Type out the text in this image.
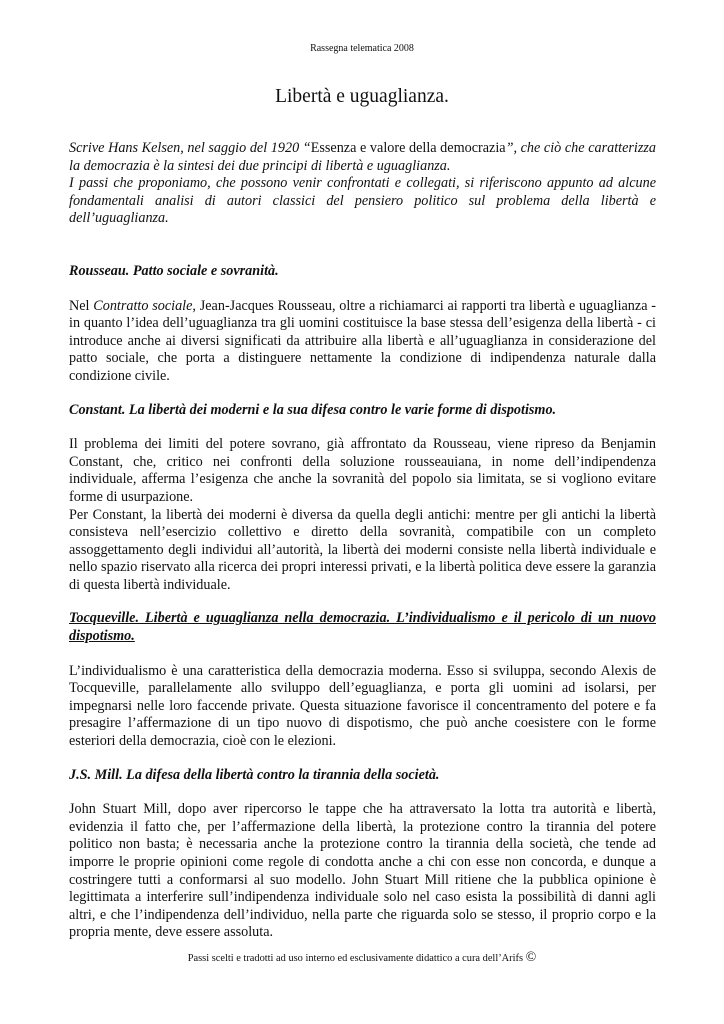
Rassegna telematica 2008
Libertà e uguaglianza.

Scrive Hans Kelsen, nel saggio del 1920 “Essenza e valore della democrazia”, che ciò che caratterizza la democrazia è la sintesi dei due principi di libertà e uguaglianza.

I passi che proponiamo, che possono venir confrontati e collegati, si riferiscono appunto ad alcune fondamentali analisi di autori classici del pensiero politico sul problema della libertà e dell’uguaglianza.

Rousseau. Patto sociale e sovranità.

Nel Contratto sociale, Jean-Jacques Rousseau, oltre a richiamarci ai rapporti tra libertà e uguaglianza - in quanto l’idea dell’uguaglianza tra gli uomini costituisce la base stessa dell’esigenza della libertà - ci introduce anche ai diversi significati da attribuire alla libertà e all’uguaglianza in considerazione del patto sociale, che porta a distinguere nettamente la condizione di indipendenza naturale dalla condizione civile.

Constant. La libertà dei moderni e la sua difesa contro le varie forme di dispotismo.

Il problema dei limiti del potere sovrano, già affrontato da Rousseau, viene ripreso da Benjamin Constant, che, critico nei confronti della soluzione rousseauiana, in nome dell’indipendenza individuale, afferma l’esigenza che anche la sovranità del popolo sia limitata, se si vogliono evitare forme di usurpazione.

Per Constant, la libertà dei moderni è diversa da quella degli antichi: mentre per gli antichi la libertà consisteva nell’esercizio collettivo e diretto della sovranità, compatibile con un completo assoggettamento degli individui all’autorità, la libertà dei moderni consiste nella libertà individuale e nello spazio riservato alla ricerca dei propri interessi privati, e la libertà politica deve essere la garanzia di questa libertà individuale.

Tocqueville. Libertà e uguaglianza nella democrazia. L’individualismo e il pericolo di un nuovo dispotismo.

L’individualismo è una caratteristica della democrazia moderna. Esso si sviluppa, secondo Alexis de Tocqueville, parallelamente allo sviluppo dell’eguaglianza, e porta gli uomini ad isolarsi, per impegnarsi nelle loro faccende private. Questa situazione favorisce il concentramento del potere e fa presagire l’affermazione di un tipo nuovo di dispotismo, che può anche coesistere con le forme esteriori della democrazia, cioè con le elezioni.

J.S. Mill. La difesa della libertà contro la tirannia della società.

John Stuart Mill, dopo aver ripercorso le tappe che ha attraversato la lotta tra autorità e libertà, evidenzia il fatto che, per l’affermazione della libertà, la protezione contro la tirannia del potere politico non basta; è necessaria anche la protezione contro la tirannia della società, che tende ad imporre le proprie opinioni come regole di condotta anche a chi con esse non concorda, e dunque a costringere tutti a conformarsi al suo modello. John Stuart Mill ritiene che la pubblica opinione è legittimata a interferire sull’indipendenza individuale solo nel caso esista la possibilità di danni agli altri, e che l’indipendenza dell’individuo, nella parte che riguarda solo se stesso, il proprio corpo e la propria mente, deve essere assoluta.

Passi scelti e tradotti ad uso interno ed esclusivamente didattico a cura dell’Arifs ©
